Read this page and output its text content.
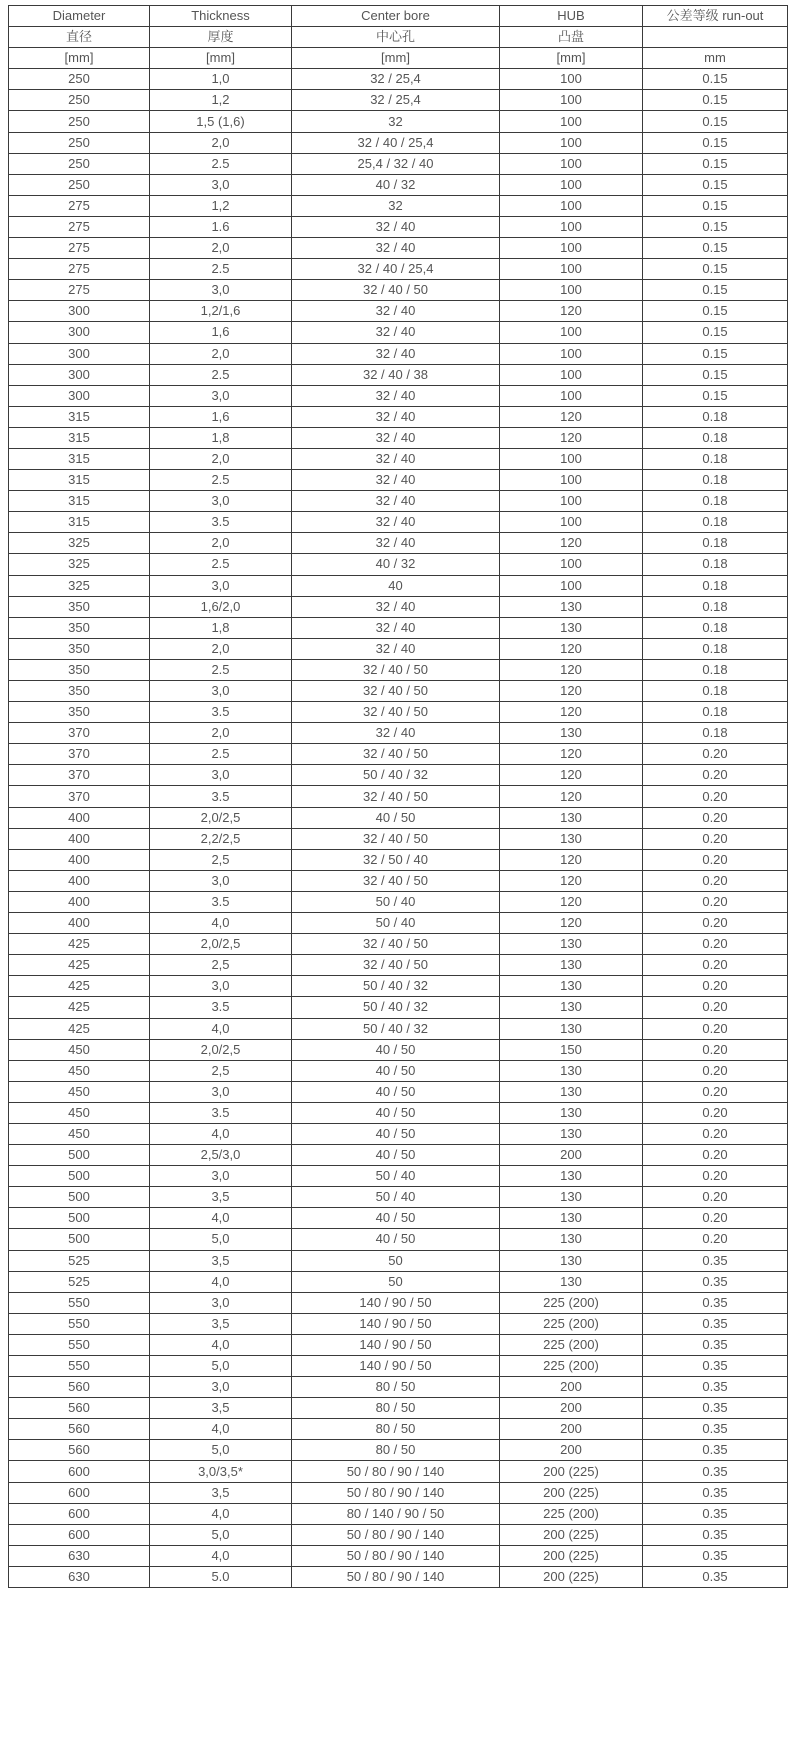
Diameter	Thickness	Center bore	HUB	公差等级 run-out
直径	厚度	中心孔	凸盘	
[mm]	[mm]	[mm]	[mm]	mm
250	1,0	32 / 25,4	100	0.15
250	1,2	32 / 25,4	100	0.15
250	1,5 (1,6)	32	100	0.15
250	2,0	32 / 40 / 25,4	100	0.15
250	2.5	25,4 / 32 / 40	100	0.15
250	3,0	40 / 32	100	0.15
275	1,2	32	100	0.15
275	1.6	32 / 40	100	0.15
275	2,0	32 / 40	100	0.15
275	2.5	32 / 40 / 25,4	100	0.15
275	3,0	32 / 40 / 50	100	0.15
300	1,2/1,6	32 / 40	120	0.15
300	1,6	32 / 40	100	0.15
300	2,0	32 / 40	100	0.15
300	2.5	32 / 40 / 38	100	0.15
300	3,0	32 / 40	100	0.15
315	1,6	32 / 40	120	0.18
315	1,8	32 / 40	120	0.18
315	2,0	32 / 40	100	0.18
315	2.5	32 / 40	100	0.18
315	3,0	32 / 40	100	0.18
315	3.5	32 / 40	100	0.18
325	2,0	32 / 40	120	0.18
325	2.5	40 / 32	100	0.18
325	3,0	40	100	0.18
350	1,6/2,0	32 / 40	130	0.18
350	1,8	32 / 40	130	0.18
350	2,0	32 / 40	120	0.18
350	2.5	32 / 40 / 50	120	0.18
350	3,0	32 / 40 / 50	120	0.18
350	3.5	32 / 40 / 50	120	0.18
370	2,0	32 / 40	130	0.18
370	2.5	32 / 40 / 50	120	0.20
370	3,0	50 / 40 / 32	120	0.20
370	3.5	32 / 40 / 50	120	0.20
400	2,0/2,5	40 / 50	130	0.20
400	2,2/2,5	32 / 40 / 50	130	0.20
400	2,5	32 / 50 / 40	120	0.20
400	3,0	32 / 40 / 50	120	0.20
400	3.5	50 / 40	120	0.20
400	4,0	50 / 40	120	0.20
425	2,0/2,5	32 / 40 / 50	130	0.20
425	2,5	32 / 40 / 50	130	0.20
425	3,0	50 / 40 / 32	130	0.20
425	3.5	50 / 40 / 32	130	0.20
425	4,0	50 / 40 / 32	130	0.20
450	2,0/2,5	40 / 50	150	0.20
450	2,5	40 / 50	130	0.20
450	3,0	40 / 50	130	0.20
450	3.5	40 / 50	130	0.20
450	4,0	40 / 50	130	0.20
500	2,5/3,0	40 / 50	200	0.20
500	3,0	50 / 40	130	0.20
500	3,5	50 / 40	130	0.20
500	4,0	40 / 50	130	0.20
500	5,0	40 / 50	130	0.20
525	3,5	50	130	0.35
525	4,0	50	130	0.35
550	3,0	140 / 90 / 50	225 (200)	0.35
550	3,5	140 / 90 / 50	225 (200)	0.35
550	4,0	140 / 90 / 50	225 (200)	0.35
550	5,0	140 / 90 / 50	225 (200)	0.35
560	3,0	80 / 50	200	0.35
560	3,5	80 / 50	200	0.35
560	4,0	80 / 50	200	0.35
560	5,0	80 / 50	200	0.35
600	3,0/3,5*	50 / 80 / 90 / 140	200 (225)	0.35
600	3,5	50 / 80 / 90 / 140	200 (225)	0.35
600	4,0	80 / 140 / 90 / 50	225 (200)	0.35
600	5,0	50 / 80 / 90 / 140	200 (225)	0.35
630	4,0	50 / 80 / 90 / 140	200 (225)	0.35
630	5.0	50 / 80 / 90 / 140	200 (225)	0.35
